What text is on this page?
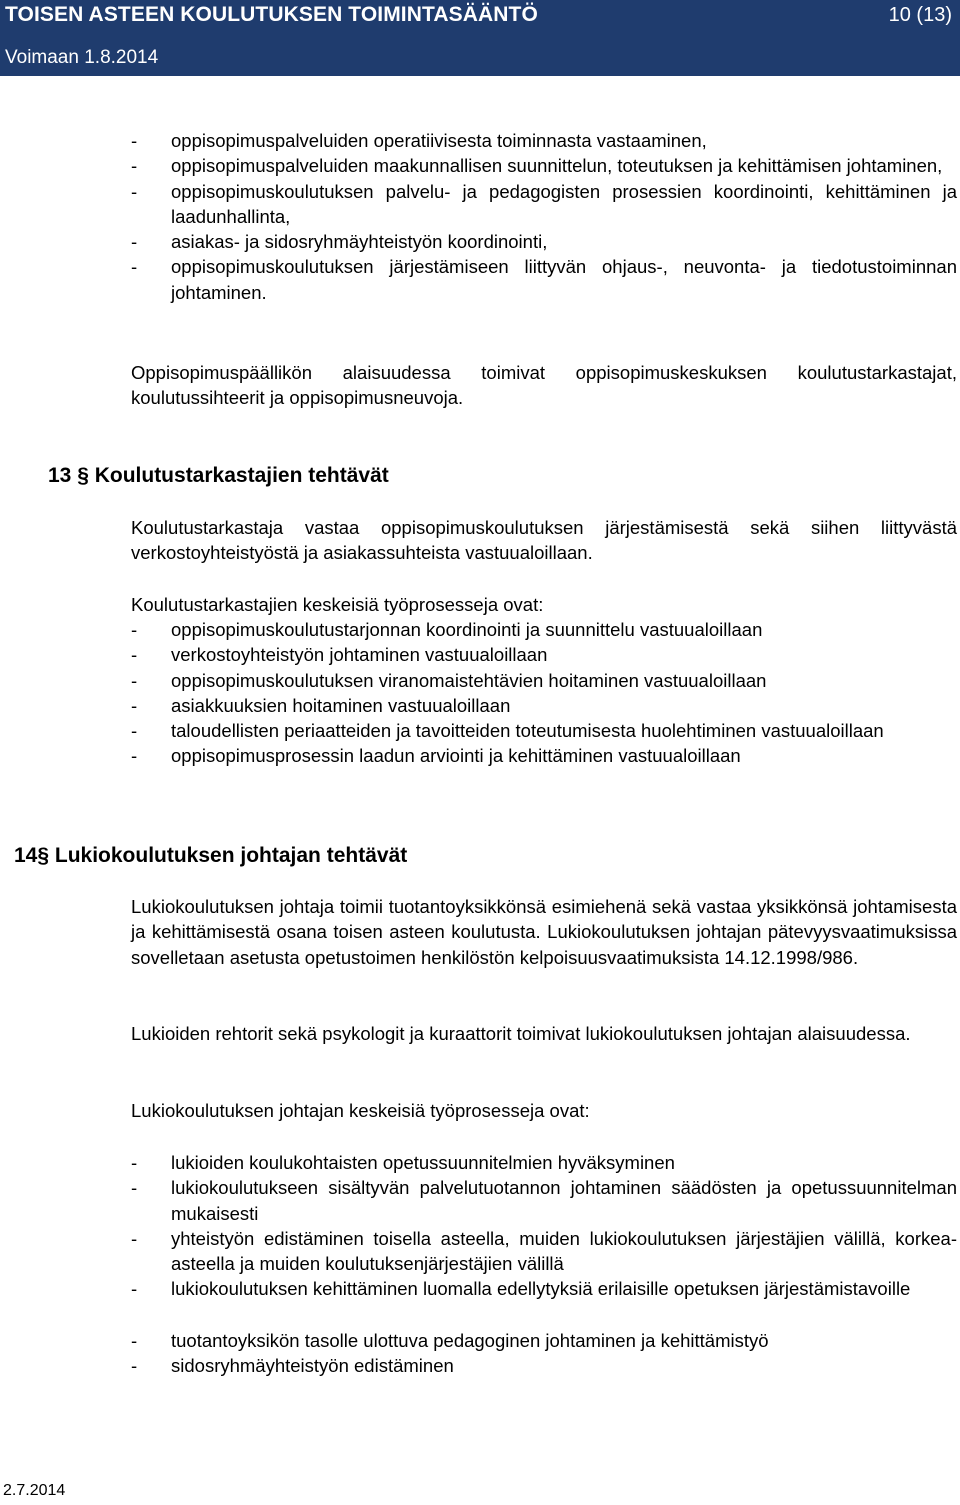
TOISEN ASTEEN KOULUTUKSEN TOIMINTASÄÄNTÖ	10 (13)
Voimaan 1.8.2014
- oppisopimuspalveluiden operatiivisesta toiminnasta vastaaminen,
- oppisopimuspalveluiden maakunnallisen suunnittelun, toteutuksen ja kehittämisen johtaminen,
- oppisopimuskoulutuksen palvelu- ja pedagogisten prosessien koordinointi, kehittäminen ja laadunhallinta,
- asiakas- ja sidosryhmäyhteistyön koordinointi,
- oppisopimuskoulutuksen järjestämiseen liittyvän ohjaus-, neuvonta- ja tiedotustoiminnan johtaminen.

Oppisopimuspäällikön alaisuudessa toimivat oppisopimuskeskuksen koulutustarkastajat, koulutussihteerit ja oppisopimusneuvoja.

13 § Koulutustarkastajien tehtävät

Koulutustarkastaja vastaa oppisopimuskoulutuksen järjestämisestä sekä siihen liittyvästä verkostoyhteistyöstä ja asiakassuhteista vastuualoillaan.

Koulutustarkastajien keskeisiä työprosesseja ovat:

- oppisopimuskoulutustarjonnan koordinointi ja suunnittelu vastuualoillaan
- verkostoyhteistyön johtaminen vastuualoillaan
- oppisopimuskoulutuksen viranomaistehtävien hoitaminen vastuualoillaan
- asiakkuuksien hoitaminen vastuualoillaan
- taloudellisten periaatteiden ja tavoitteiden toteutumisesta huolehtiminen vastuualoillaan
- oppisopimusprosessin laadun arviointi ja kehittäminen vastuualoillaan
14§ Lukiokoulutuksen johtajan tehtävät

Lukiokoulutuksen johtaja toimii tuotantoyksikkönsä esimiehenä sekä vastaa yksikkönsä johtamisesta ja kehittämisestä osana toisen asteen koulutusta. Lukiokoulutuksen johtajan pätevyysvaatimuksissa sovelletaan asetusta opetustoimen henkilöstön kelpoisuusvaatimuksista 14.12.1998/986.

Lukioiden rehtorit sekä psykologit ja kuraattorit toimivat lukiokoulutuksen johtajan alaisuudessa.

Lukiokoulutuksen johtajan keskeisiä työprosesseja ovat:

- lukioiden koulukohtaisten opetussuunnitelmien hyväksyminen
- lukiokoulutukseen sisältyvän palvelutuotannon johtaminen säädösten ja opetussuunnitelman mukaisesti
- yhteistyön edistäminen toisella asteella, muiden lukiokoulutuksen järjestäjien välillä, korkea-asteella ja muiden koulutuksenjärjestäjien välillä
- lukiokoulutuksen kehittäminen luomalla edellytyksiä erilaisille opetuksen järjestämistavoille
- tuotantoyksikön tasolle ulottuva pedagoginen johtaminen ja kehittämistyö
- sidosryhmäyhteistyön edistäminen
2.7.2014
